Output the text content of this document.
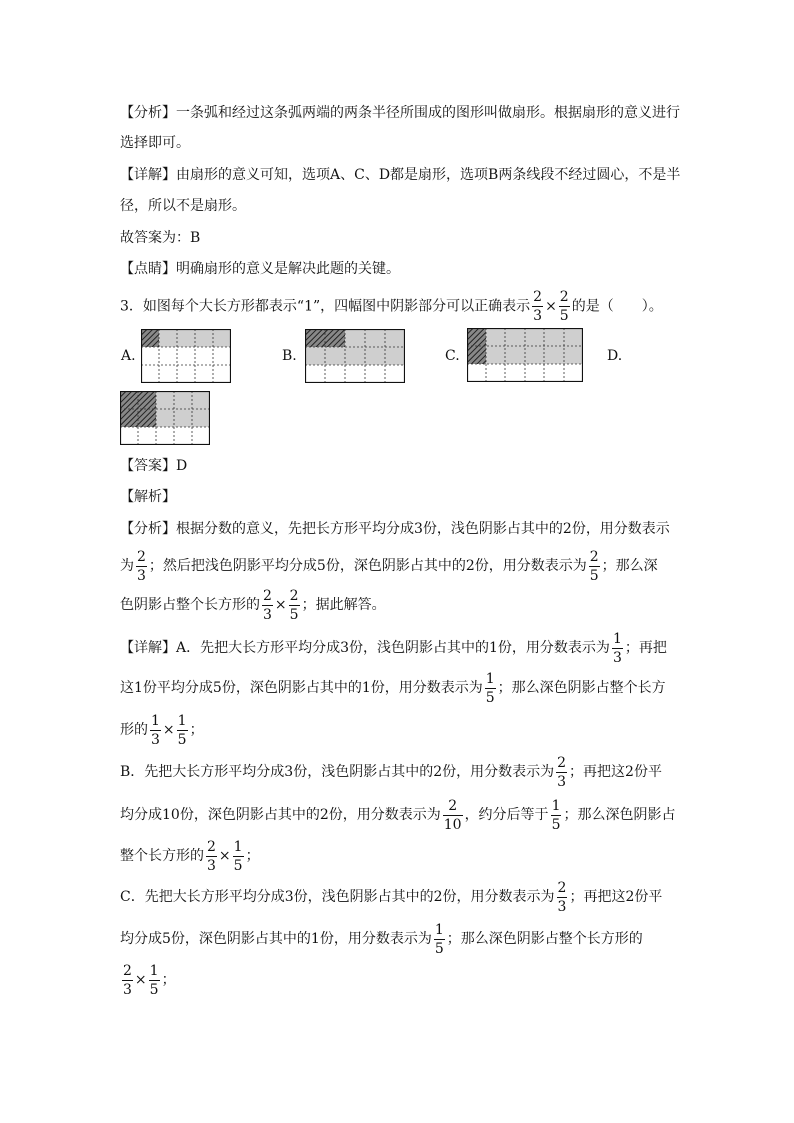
【分析】一条弧和经过这条弧两端的两条半径所围成的图形叫做扇形。根据扇形的意义进行
选择即可。
【详解】由扇形的意义可知，选项A、C、D都是扇形，选项B两条线段不经过圆心，不是半
径，所以不是扇形。
故答案为：B
【点睛】明确扇形的意义是解决此题的关键。
3．如图每个大长方形都表示“1”，四幅图中阴影部分可以正确表示 $\frac{2}{3} \times \frac{2}{5}$ 的是（　　）。
A.	B.	C.	D.
【答案】D
【解析】
【分析】根据分数的意义，先把长方形平均分成3份，浅色阴影占其中的2份，用分数表示
为 $\frac{2}{3}$ ；然后把浅色阴影平均分成5份，深色阴影占其中的2份，用分数表示为 $\frac{2}{5}$ ；那么深
色阴影占整个长方形的 $\frac{2}{3} \times \frac{2}{5}$ ；据此解答。
【详解】A．先把大长方形平均分成3份，浅色阴影占其中的1份，用分数表示为 $\frac{1}{3}$ ；再把
这1份平均分成5份，深色阴影占其中的1份，用分数表示为 $\frac{1}{5}$ ；那么深色阴影占整个长方
形的 $\frac{1}{3} \times \frac{1}{5}$ ；
B．先把大长方形平均分成3份，浅色阴影占其中的2份，用分数表示为 $\frac{2}{3}$ ；再把这2份平
均分成10份，深色阴影占其中的2份，用分数表示为 $\frac{2}{10}$ ，约分后等于 $\frac{1}{5}$ ；那么深色阴影占
整个长方形的 $\frac{2}{3} \times \frac{1}{5}$ ；
C．先把大长方形平均分成3份，浅色阴影占其中的2份，用分数表示为 $\frac{2}{3}$ ；再把这2份平
均分成5份，深色阴影占其中的1份，用分数表示为 $\frac{1}{5}$ ；那么深色阴影占整个长方形的
$\frac{2}{3} \times \frac{1}{5}$ ；
